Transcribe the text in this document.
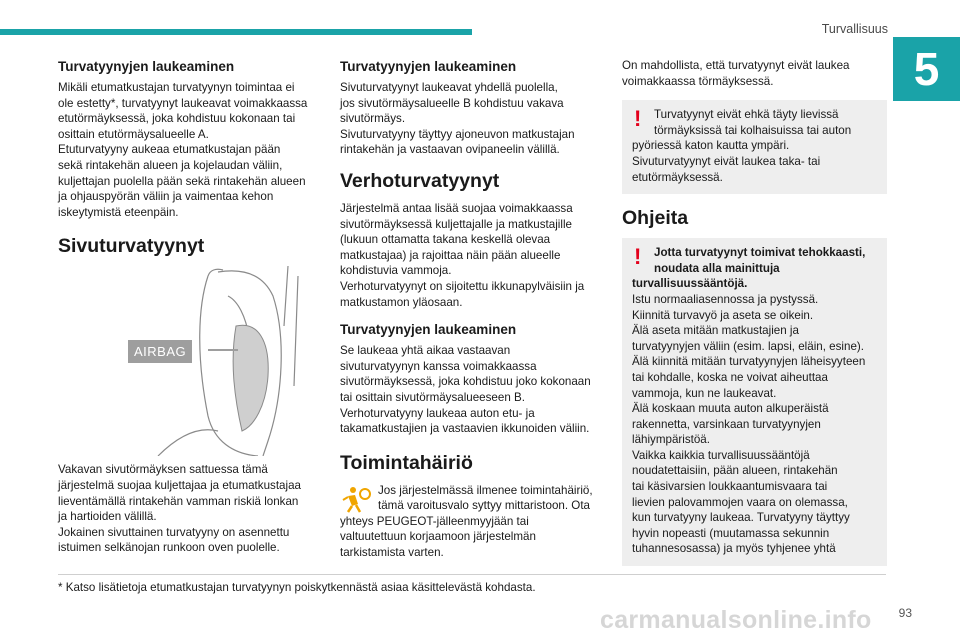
Turvallisuus
5
Turvatyynyjen laukeaminen

Mikäli etumatkustajan turvatyynyn toimintaa ei
ole estetty*, turvatyynyt laukeavat voimakkaassa
etutörmäyksessä, joka kohdistuu kokonaan tai
osittain etutörmäysalueelle A.
Etuturvatyyny aukeaa etumatkustajan pään
sekä rintakehän alueen ja kojelaudan väliin,
kuljettajan puolella pään sekä rintakehän alueen
ja ohjauspyörän väliin ja vaimentaa kehon
iskeytymistä eteenpäin.

Sivuturvatyynyt
AIRBAG

Vakavan sivutörmäyksen sattuessa tämä
järjestelmä suojaa kuljettajaa ja etumatkustajaa
lieventämällä rintakehän vamman riskiä lonkan
ja hartioiden välillä.
Jokainen sivuttainen turvatyyny on asennettu
istuimen selkänojan runkoon oven puolelle.

Turvatyynyjen laukeaminen

Sivuturvatyynyt laukeavat yhdellä puolella,
jos sivutörmäysalueelle B kohdistuu vakava
sivutörmäys.
Sivuturvatyyny täyttyy ajoneuvon matkustajan
rintakehän ja vastaavan ovipaneelin välillä.

Verhoturvatyynyt

Järjestelmä antaa lisää suojaa voimakkaassa
sivutörmäyksessä kuljettajalle ja matkustajille
(lukuun ottamatta takana keskellä olevaa
matkustajaa) ja rajoittaa näin pään alueelle
kohdistuvia vammoja.
Verhoturvatyynyt on sijoitettu ikkunapylväisiin ja
matkustamon yläosaan.

Turvatyynyjen laukeaminen

Se laukeaa yhtä aikaa vastaavan
sivuturvatyynyn kanssa voimakkaassa
sivutörmäyksessä, joka kohdistuu joko kokonaan
tai osittain sivutörmäysalueeseen B.
Verhoturvatyyny laukeaa auton etu- ja
takamatkustajien ja vastaavien ikkunoiden väliin.

Toimintahäiriö

Jos järjestelmässä ilmenee toimintahäiriö,
tämä varoitusvalo syttyy mittaristoon. Ota

yhteys PEUGEOT-jälleenmyyjään tai
valtuutettuun korjaamoon järjestelmän
tarkistamista varten.

On mahdollista, että turvatyynyt eivät laukea
voimakkaassa törmäyksessä.

!	Turvatyynyt eivät ehkä täyty lievissä
törmäyksissä tai kolhaisuissa tai auton

pyöriessä katon kautta ympäri.
Sivuturvatyynyt eivät laukea taka- tai
etutörmäyksessä.

Ohjeita
!	Jotta turvatyynyt toimivat tehokkaasti,
noudata alla mainittuja

turvallisuussääntöjä.

Istu normaaliasennossa ja pystyssä.
Kiinnitä turvavyö ja aseta se oikein.
Älä aseta mitään matkustajien ja
turvatyynyjen väliin (esim. lapsi, eläin, esine).
Älä kiinnitä mitään turvatyynyjen läheisyyteen
tai kohdalle, koska ne voivat aiheuttaa
vammoja, kun ne laukeavat.
Älä koskaan muuta auton alkuperäistä
rakennetta, varsinkaan turvatyynyjen
lähiympäristöä.
Vaikka kaikkia turvallisuussääntöjä
noudatettaisiin, pään alueen, rintakehän
tai käsivarsien loukkaantumisvaara tai
lievien palovammojen vaara on olemassa,
kun turvatyyny laukeaa. Turvatyyny täyttyy
hyvin nopeasti (muutamassa sekunnin
tuhannesosassa) ja myös tyhjenee yhtä

* Katso lisätietoja etumatkustajan turvatyynyn poiskytkennästä asiaa käsittelevästä kohdasta.
carmanualsonline.info 93
